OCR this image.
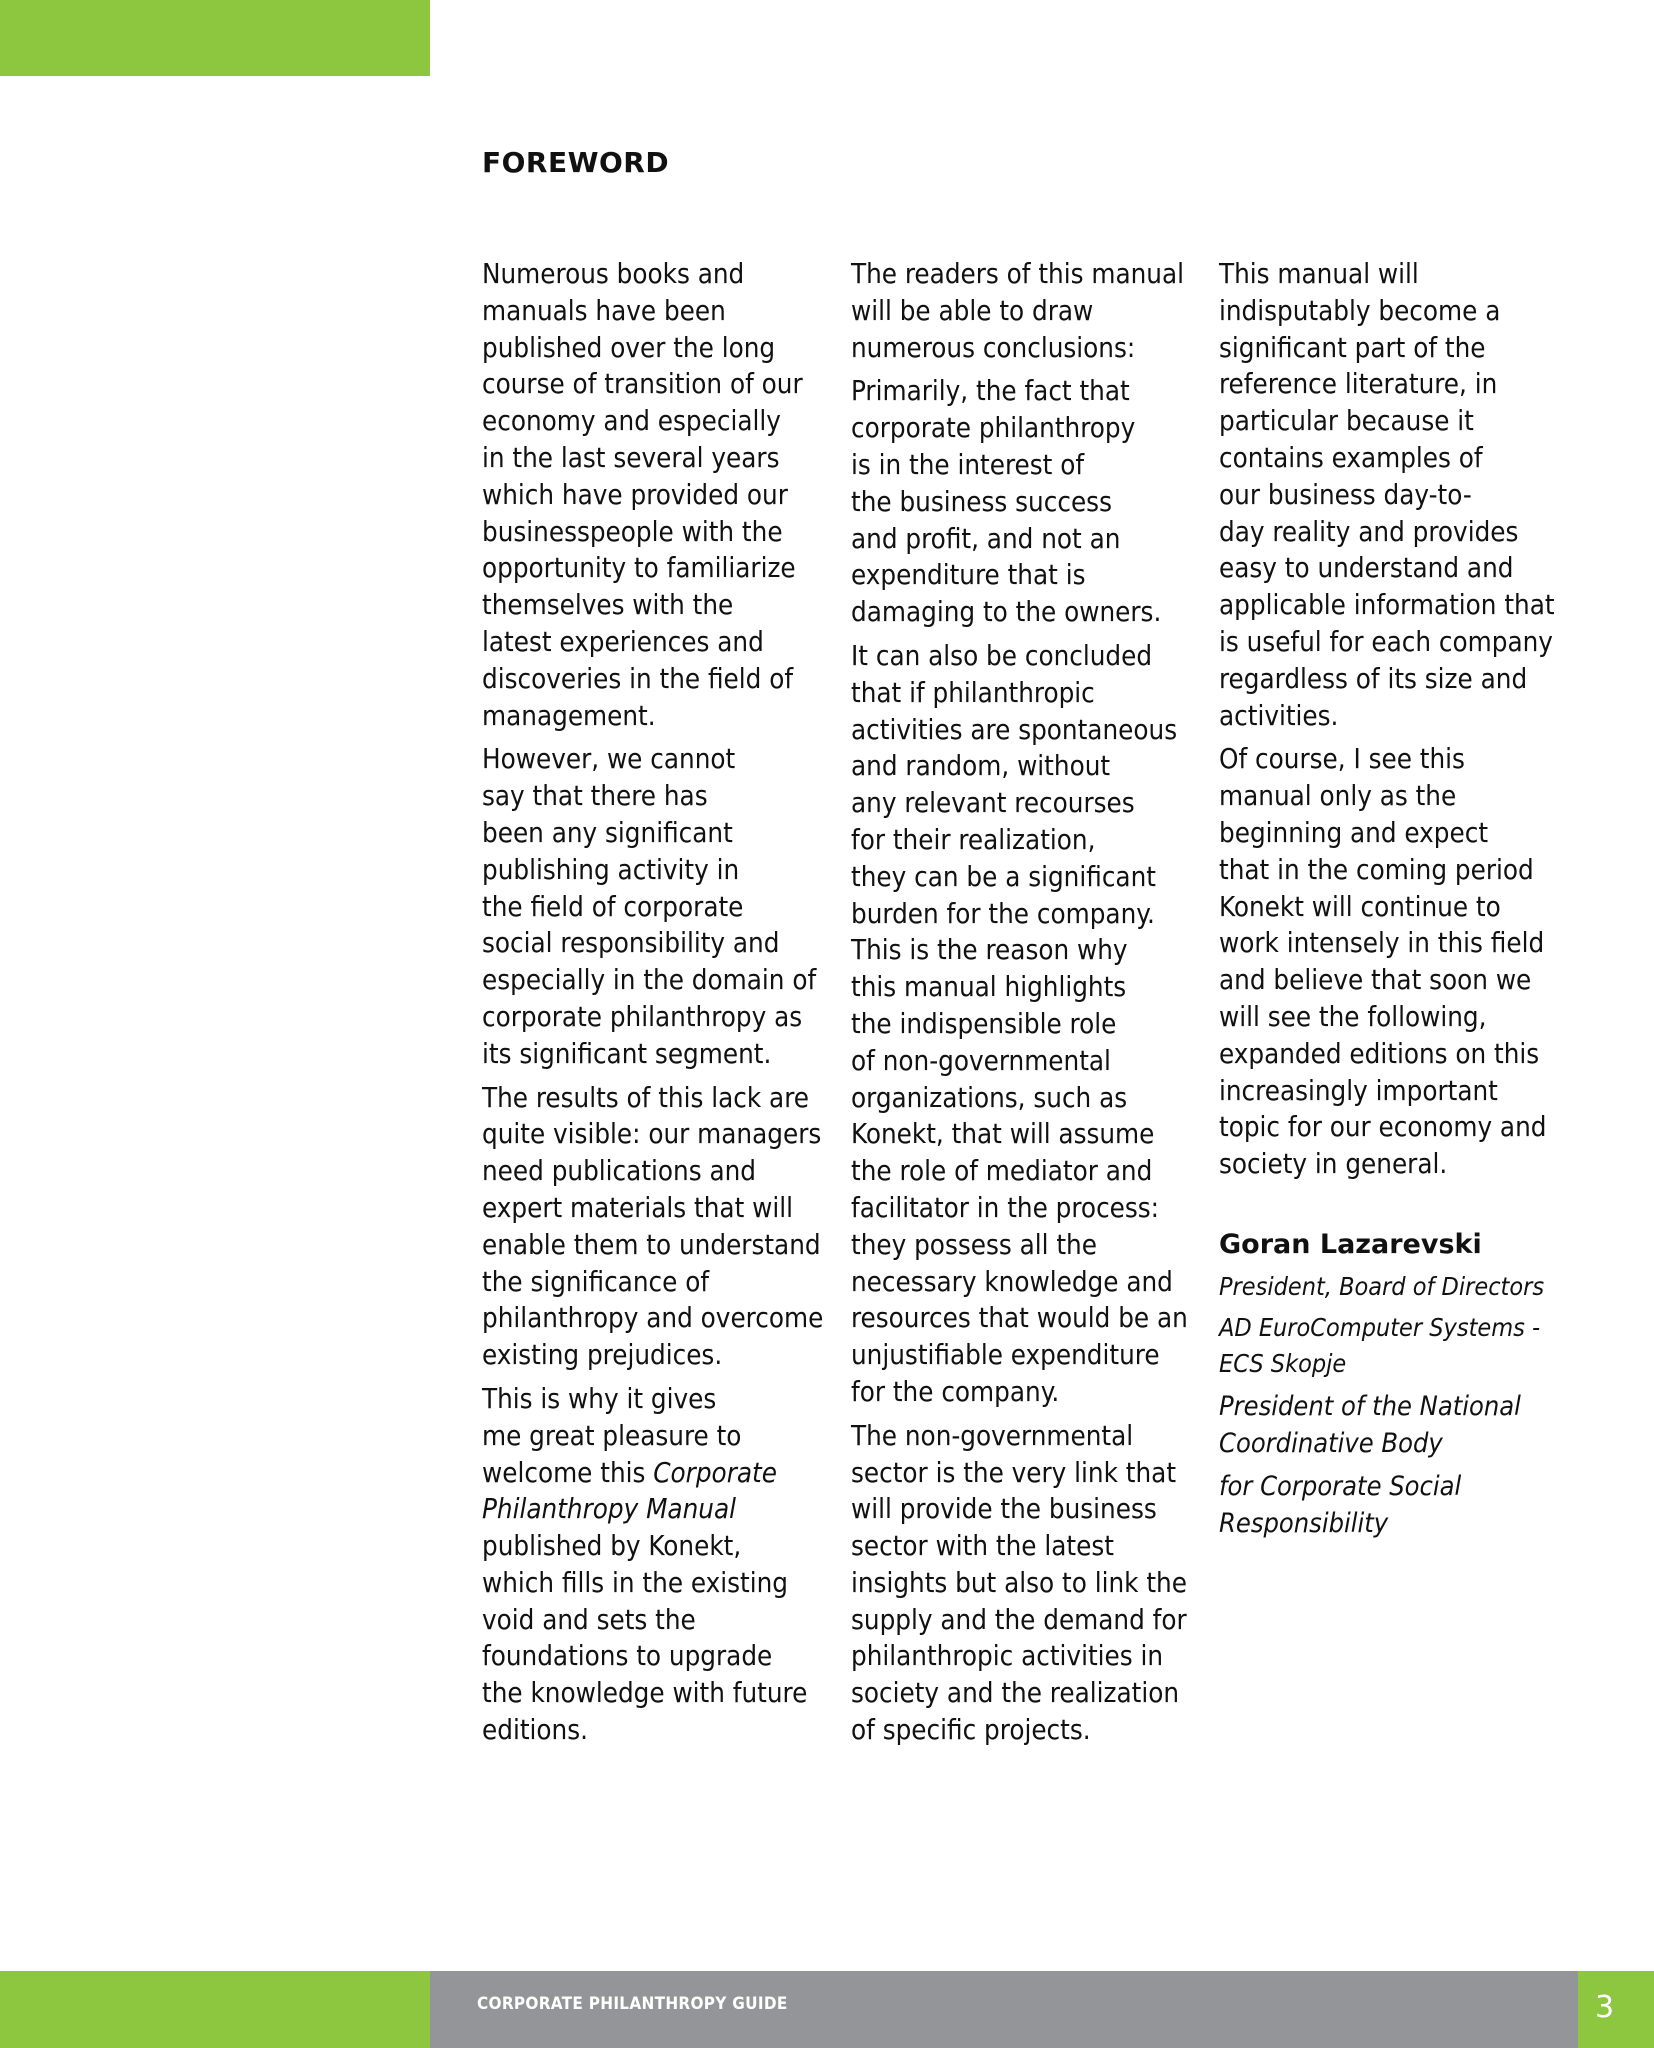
FOREWORD

Numerous books and
manuals have been
published over the long
course of transition of our
economy and especially
in the last several years
which have provided our
businesspeople with the
opportunity to familiarize
themselves with the
latest experiences and
discoveries in the field of
management.

However, we cannot
say that there has
been any significant
publishing activity in
the field of corporate
social responsibility and
especially in the domain of
corporate philanthropy as
its significant segment.

The results of this lack are
quite visible: our managers
need publications and
expert materials that will
enable them to understand
the significance of
philanthropy and overcome
existing prejudices.

This is why it gives
me great pleasure to
welcome this Corporate
Philanthropy Manual
published by Konekt,
which fills in the existing
void and sets the
foundations to upgrade
the knowledge with future
editions.

The readers of this manual
will be able to draw
numerous conclusions:

Primarily, the fact that
corporate philanthropy
is in the interest of
the business success
and profit, and not an
expenditure that is
damaging to the owners.

It can also be concluded
that if philanthropic
activities are spontaneous
and random, without
any relevant recourses
for their realization,
they can be a significant
burden for the company.
This is the reason why
this manual highlights
the indispensible role
of non-governmental
organizations, such as
Konekt, that will assume
the role of mediator and
facilitator in the process:
they possess all the
necessary knowledge and
resources that would be an
unjustifiable expenditure
for the company.

The non-governmental
sector is the very link that
will provide the business
sector with the latest
insights but also to link the
supply and the demand for
philanthropic activities in
society and the realization
of specific projects.

This manual will
indisputably become a
significant part of the
reference literature, in
particular because it
contains examples of
our business day-to-
day reality and provides
easy to understand and
applicable information that
is useful for each company
regardless of its size and
activities.

Of course, I see this
manual only as the
beginning and expect
that in the coming period
Konekt will continue to
work intensely in this field
and believe that soon we
will see the following,
expanded editions on this
increasingly important
topic for our economy and
society in general.

Goran Lazarevski
President, Board of Directors
AD EuroComputer Systems -
ECS Skopje
President of the National
Coordinative Body
for Corporate Social
Responsibility
CORPORATE PHILANTHROPY GUIDE	3
